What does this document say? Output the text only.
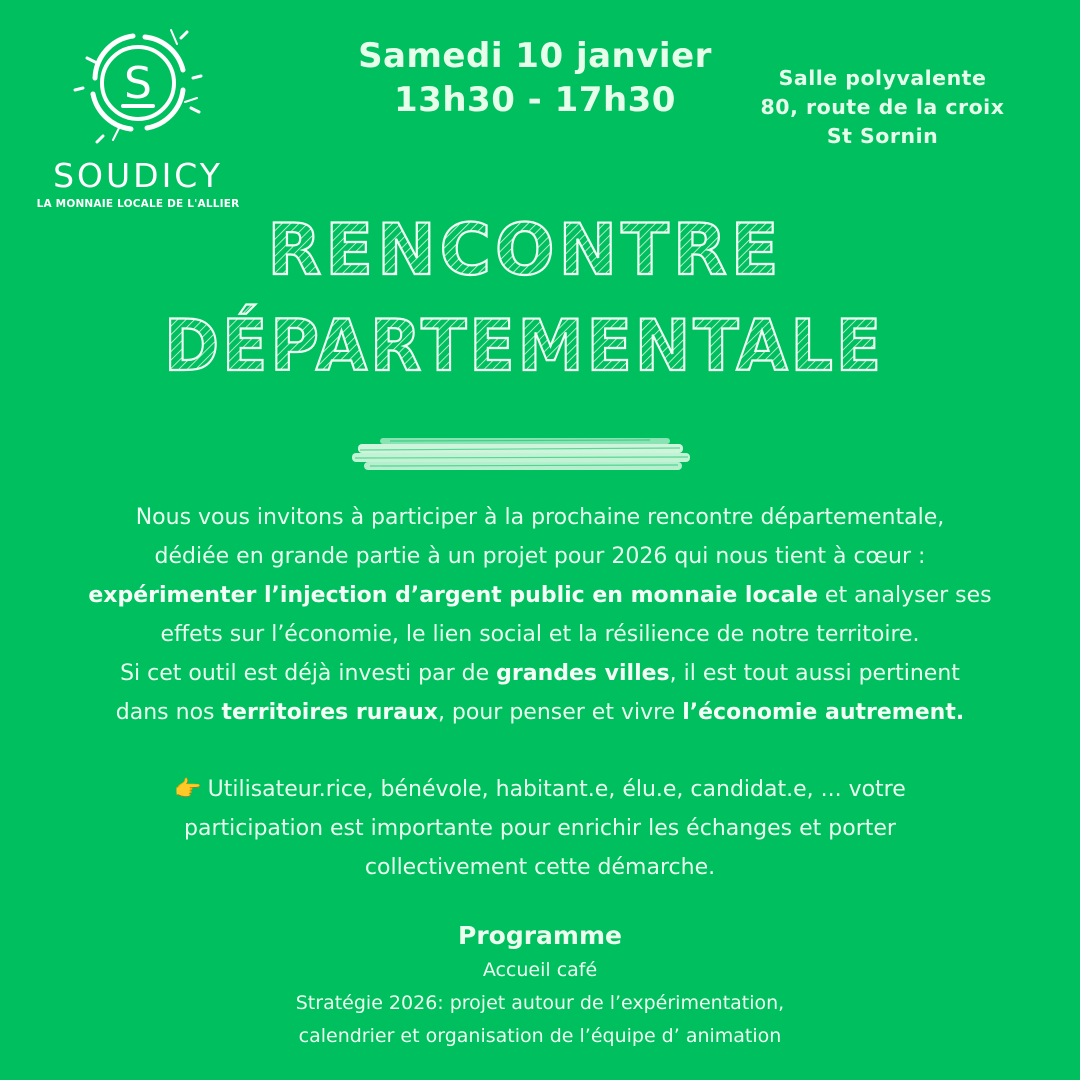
S
SOUDICY
LA MONNAIE LOCALE DE L'ALLIER
Samedi 10 janvier
13h30 - 17h30
Salle polyvalente
80, route de la croix
St Sornin
RENCONTRE
DÉPARTEMENTALE

Nous vous invitons à participer à la prochaine rencontre départementale,

dédiée en grande partie à un projet pour 2026 qui nous tient à cœur :

expérimenter l’injection d’argent public en monnaie locale et analyser ses

effets sur l’économie, le lien social et la résilience de notre territoire.

Si cet outil est déjà investi par de grandes villes, il est tout aussi pertinent

dans nos territoires ruraux, pour penser et vivre l’économie autrement.

👉 Utilisateur.rice, bénévole, habitant.e, élu.e, candidat.e, ... votre

participation est importante pour enrichir les échanges et porter

collectivement cette démarche.

Programme
Accueil café
Stratégie 2026: projet autour de l’expérimentation,
calendrier et organisation de l’équipe d’ animation
